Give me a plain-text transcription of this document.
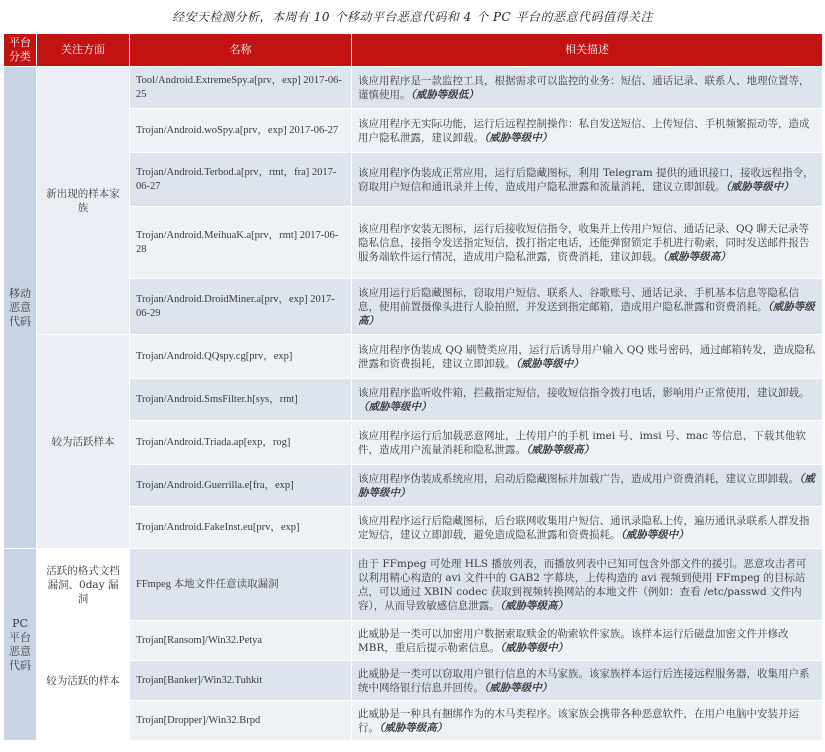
经安天检测分析，本周有 10 个移动平台恶意代码和 4 个 PC 平台的恶意代码值得关注
平台分类	关注方面	名称	相关描述
移动恶意代码	新出现的样本家族	Tool/Android.ExtremeSpy.a[prv，exp] 2017-06-25	该应用程序是一款监控工具，根据需求可以监控的业务：短信、通话记录、联系人、地理位置等，谨慎使用。（威胁等级低）
		Trojan/Android.woSpy.a[prv，exp] 2017-06-27	该应用程序无实际功能，运行后远程控制操作：私自发送短信、上传短信、手机频繁振动等，造成用户隐私泄露，建议卸载。（威胁等级中）
		Trojan/Android.Terbod.a[prv，rmt，fra] 2017-06-27	该应用程序伪装成正常应用，运行后隐藏图标，利用 Telegram 提供的通讯接口，接收远程指令，窃取用户短信和通讯录并上传，造成用户隐私泄露和流量消耗，建议立即卸载。（威胁等级中）
		Trojan/Android.MeihuaK.a[prv，rmt] 2017-06-28	该应用程序安装无图标，运行后接收短信指令，收集并上传用户短信、通话记录、QQ 聊天记录等隐私信息，接指令发送指定短信，拨打指定电话，还能弹窗锁定手机进行勒索，同时发送邮件报告服务端软件运行情况，造成用户隐私泄露，资费消耗，建议卸载。（威胁等级高）
		Trojan/Android.DroidMiner.a[prv，exp] 2017-06-29	该应用运行后隐藏图标，窃取用户短信、联系人、谷歌账号、通话记录、手机基本信息等隐私信息，使用前置摄像头进行人脸拍照，并发送到指定邮箱，造成用户隐私泄露和资费消耗。（威胁等级高）
	较为活跃样本	Trojan/Android.QQspy.cg[prv，exp]	该应用程序伪装成 QQ 刷赞类应用，运行后诱导用户输入 QQ 账号密码，通过邮箱转发，造成隐私泄露和资费损耗，建议立即卸载。（威胁等级中）
		Trojan/Android.SmsFilter.h[sys，rmt]	该应用程序监听收件箱，拦截指定短信，接收短信指令拨打电话，影响用户正常使用，建议卸载。（威胁等级中）
		Trojan/Android.Triada.ap[exp，rog]	该应用程序运行后加载恶意网址，上传用户的手机 imei 号、imsi 号、mac 等信息，下载其他软件，造成用户流量消耗和隐私泄露。（威胁等级高）
		Trojan/Android.Guerrilla.e[fra，exp]	该应用程序伪装成系统应用，启动后隐藏图标并加载广告，造成用户资费消耗，建议立即卸载。（威胁等级中）
		Trojan/Android.FakeInst.eu[prv，exp]	该应用程序运行后隐藏图标，后台联网收集用户短信、通讯录隐私上传，遍历通讯录联系人群发指定短信，建议立即卸载，避免造成隐私泄露和资费损耗。（威胁等级中）
PC 平台恶意代码	活跃的格式文档漏洞、0day 漏洞	FFmpeg 本地文件任意读取漏洞	由于 FFmpeg 可处理 HLS 播放列表，而播放列表中已知可包含外部文件的援引。恶意攻击者可以利用精心构造的 avi 文件中的 GAB2 字幕块，上传构造的 avi 视频到使用 FFmpeg 的目标站点，可以通过 XBIN codec 获取到视频转换网站的本地文件（例如：查看 /etc/passwd 文件内容），从而导致敏感信息泄露。（威胁等级高）
	较为活跃的样本	Trojan[Ransom]/Win32.Petya	此威胁是一类可以加密用户数据索取赎金的勒索软件家族。该样本运行后磁盘加密文件并修改 MBR，重启后提示勒索信息。（威胁等级中）
		Trojan[Banker]/Win32.Tuhkit	此威胁是一类可以窃取用户银行信息的木马家族。该家族样本运行后连接远程服务器，收集用户系统中网络银行信息并回传。（威胁等级中）
		Trojan[Dropper]/Win32.Brpd	此威胁是一种具有捆绑作为的木马类程序。该家族会携带各种恶意软件，在用户电脑中安装并运行。（威胁等级高）
